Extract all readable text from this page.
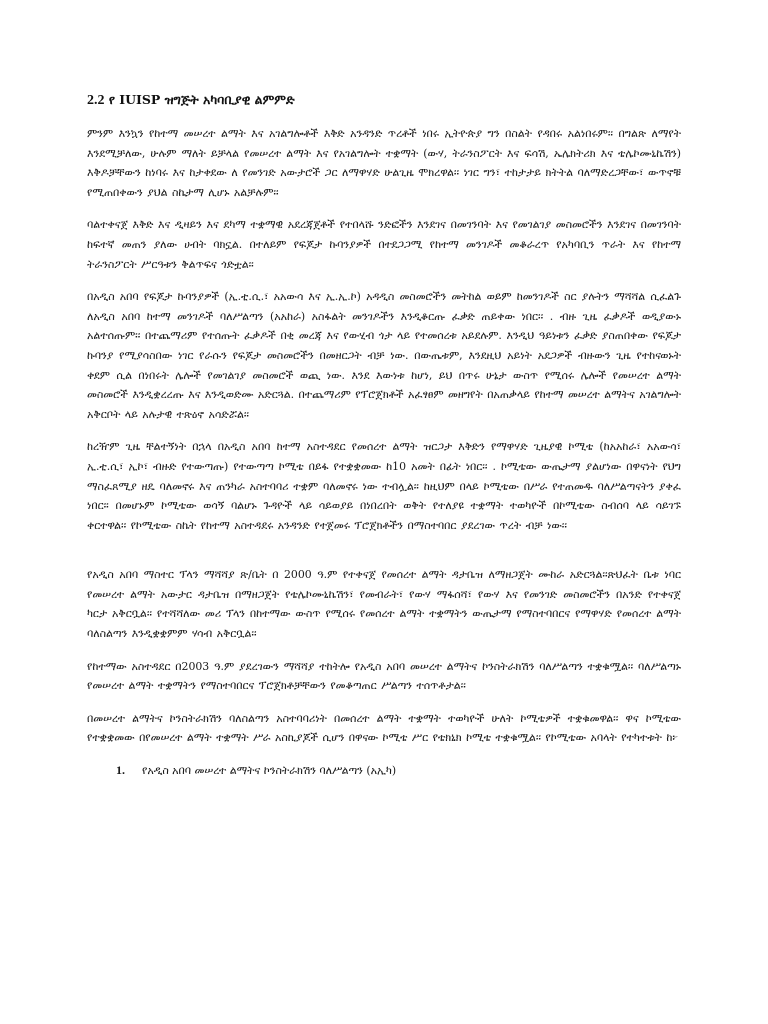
2.2 የ IUISP ዝግጅት አካባቢያዊ ልምምድ

ምንም እንኳን የከተማ መሠረተ ልማት እና አገልግሎቶች እቅድ አንዳንድ ጥረቶች ነበሩ ኢትዮጵያ ግን በስልት የዳበሩ አልነበሩም፡፡ በግልጽ ለማየት እንደሚቻለው, ሁሉም ማለት ይቻላል የመሠረተ ልማት እና የአገልግሎት ተቋማት (ውሃ, ትራንስፖርት እና ፍሳሽ, ኤሌክትሪክ እና ቴሌኮሙኒኬሽን) እቅዶቻቸውን ከነባሩ እና ከታቀደው ለ የመንገድ አውታሮች ጋር ለማዋሃድ ሁልጊዜ ሞክረዋል፡፡ ነገር ግን፣ ተከታታይ ክትትል ባለማድረጋቸው፣ ውጥኖቹ የሚጠበቀውን ያህል ስኬታማ ሊሆኑ አልቻሉም፡፡

ባልተቀናጀ እቅድ እና ዲዛይን እና ደካማ ተቋማዊ አደረጃጀቶች የተበላሹ ንድፎችን እንደገና በመገንባት እና የመገልገያ መስመሮችን እንደገና በመገንባት ከፍተኛ መጠን ያለው ሀብት ባክኗል. በተለይም የፍጆታ ኩባንያዎች በተደጋጋሚ የከተማ መንገዶች መቆራረጥ የአካባቢን ጥራት እና የከተማ ትራንስፖርት ሥርዓቱን ቅልጥፍና ጎድቷል፡፡

በአዲስ አበባ የፍጆታ ኩባንያዎች (ኢ.ቲ.ሲ.፣ አአውሳ እና ኢ.ኢ.ኮ) አዳዲስ መስመሮችን መትከል ወይም ከመንገዶች ስር ያሉትን ማሻሻል ሲፈልጉ ለአዲስ አበባ ከተማ መንገዶች ባለሥልጣን (አአከራ) አስፋልት መንገዶችን እንዲቆርጡ ፈቃድ ጠይቀው ነበር፡፡ . ብዙ ጊዜ ፈቃዶች ወዲያውኑ አልተሰጡም፡፡ በተጨማሪም የተሰጡት ፈቃዶች በቂ መረጃ እና የውሂብ ጎታ ላይ የተመሰረቱ አይደሉም. እንዲህ ዓይነቱን ፈቃድ ያስጠበቀው የፍጆታ ኩባንያ የሚያሳስበው ነገር የራሱን የፍጆታ መስመሮችን በመዘርጋት ብቻ ነው. በውጤቱም, እንደዚህ አይነት አደጋዎች ብዙውን ጊዜ የተከናወኑት ቀደም ሲል በነበሩት ሌሎች የመገልገያ መስመሮች ወጪ ነው. እንደ እውነቱ ከሆነ, ይህ በጥሩ ሁኔታ ውስጥ የሚሰሩ ሌሎች የመሠረተ ልማት መስመሮች እንዲቋረረጡ እና እንዲወድሙ አድርጓል. በተጨማሪም የፕሮጀክቶች አፈፃፀም መዘግየት በአጠቃላይ የከተማ መሠረተ ልማትና አገልግሎት አቅርቦት ላይ አሉታዊ ተጽዕኖ አሳድሯል፡፡

ከረዥም ጊዜ ቸልተኝነት በኋላ በአዲስ አበባ ከተማ አስተዳደር የመሰረተ ልማት ዝርጋታ እቅድን የማዋሃድ ጊዜያዊ ኮሚቴ (ከአአከራ፣ አአውሳ፣ ኢ.ቲ.ሲ፣ ኢኮ፣ ብዙድ የተውጣጡ) የተውጣጣ ኮሚቴ በይፋ የተቋቋመው ከ10 አመት በፊት ነበር፡፡ . ኮሚቴው ውጤታማ ያልሆነው በዋናነት የህግ ማስፈጸሚያ ዘዴ ባለመኖሩ እና ጠንካራ አስተባባሪ ተቋም ባለመኖሩ ነው ተብሏል፡፡ ከዚህም በላይ ኮሚቴው በሥራ የተጠመዱ ባለሥልጣናትን ያቀፈ ነበር፡፡ በመሆኑም ኮሚቴው ወሳኝ ባልሆኑ ጉዳዮች ላይ ሳይወያይ በነበረበት ወቅት የተለያዩ ተቋማት ተወካዮች በኮሚቴው ስብሰባ ላይ ሳይገኙ ቀርተዋል፡፡ የኮሚቴው ስኬት የከተማ አስተዳደሩ አንዳንድ የተጀመሩ ፕሮጀክቶችን በማስተባበር ያደረገው ጥረት ብቻ ነው፡፡

የአዲስ አበባ ማስተር ፕላን ማሻሻያ ጽ/ቤት በ 2000 ዓ.ም የተቀናጀ የመሰረተ ልማት ዳታቤዝ ለማዘጋጀት ሙከራ አድርጓል፡፡ጽህፈት ቤቱ ነባር የመሠረተ ልማት አውታር ዳታቤዝ በማዘጋጀት የቴሌኮሙኒኬሽን፣ የመብራት፣ የውሃ ማፋሰሻ፣ የውሃ እና የመንገድ መስመሮችን በአንድ የተቀናጀ ካርታ አቅርቧል፡፡ የተሻሻለው መሪ ፕላን በከተማው ውስጥ የሚሰሩ የመሰረተ ልማት ተቋማትን ውጤታማ የማስተባበርና የማዋሃድ የመሰረተ ልማት ባለስልጣን እንዲቋቋምም ሃሳብ አቅርቧል፡፡

የከተማው አስተዳደር በ2003 ዓ.ም ያደረገውን ማሻሻያ ተከትሎ የአዲስ አበባ መሠረተ ልማትና ኮንስትራክሽን ባለሥልጣን ተቋቁሟል፡፡ ባለሥልጣኑ የመሠረተ ልማት ተቋማትን የማስተባበርና ፕሮጀክቶቻቸውን የመቆጣጠር ሥልጣን ተሰጥቶታል፡፡

በመሠረተ ልማትና ኮንስትራክሽን ባለስልጣን አስተባባሪነት በመሰረተ ልማት ተቋማት ተወካዮች ሁለት ኮሚቴዎች ተቋቁመዋል፡፡ ዋና ኮሚቴው የተቋቋመው በየመሠረተ ልማት ተቋማት ሥራ አስኪያጆች ሲሆን በዋናው ኮሚቴ ሥር የቴክኒክ ኮሚቴ ተቋቁሟል፡፡ የኮሚቴው አባላት የተካተቱት ከ፦

1.	የአዲስ አበባ መሠረተ ልማትና ኮንስትራክሽን ባለሥልጣን (አኢካ)
